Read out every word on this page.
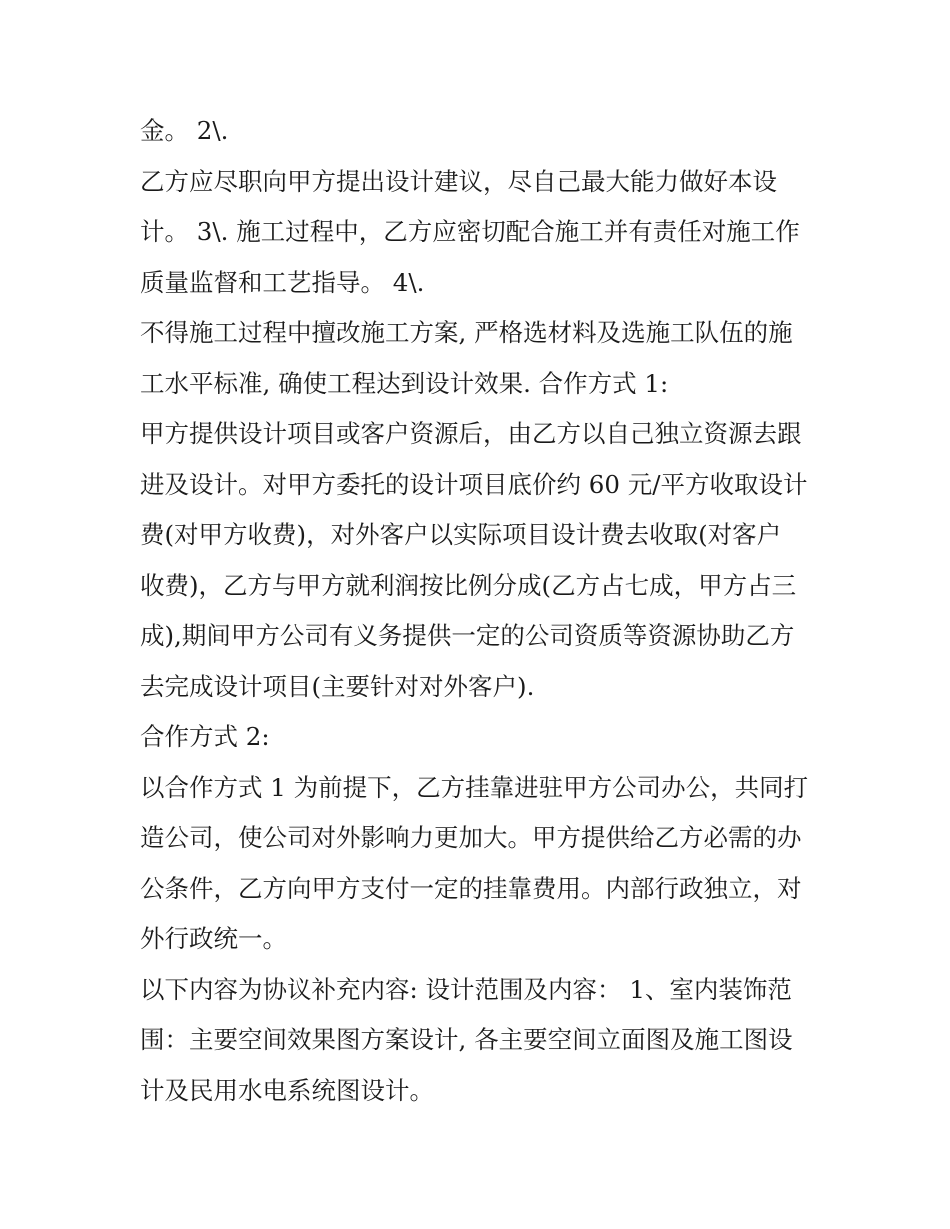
金。 2\.
乙方应尽职向甲方提出设计建议，尽自己最大能力做好本设
计。 3\. 施工过程中，乙方应密切配合施工并有责任对施工作
质量监督和工艺指导。 4\.
不得施工过程中擅改施工方案, 严格选材料及选施工队伍的施
工水平标准, 确使工程达到设计效果. 合作方式 1:
甲方提供设计项目或客户资源后，由乙方以自己独立资源去跟
进及设计。对甲方委托的设计项目底价约 60 元/平方收取设计
费(对甲方收费)，对外客户以实际项目设计费去收取(对客户
收费)，乙方与甲方就利润按比例分成(乙方占七成，甲方占三
成),期间甲方公司有义务提供一定的公司资质等资源协助乙方
去完成设计项目(主要针对对外客户).
合作方式 2:
以合作方式 1 为前提下，乙方挂靠进驻甲方公司办公，共同打
造公司，使公司对外影响力更加大。甲方提供给乙方必需的办
公条件，乙方向甲方支付一定的挂靠费用。内部行政独立，对
外行政统一。
以下内容为协议补充内容: 设计范围及内容： 1、室内装饰范
围：主要空间效果图方案设计, 各主要空间立面图及施工图设
计及民用水电系统图设计。
